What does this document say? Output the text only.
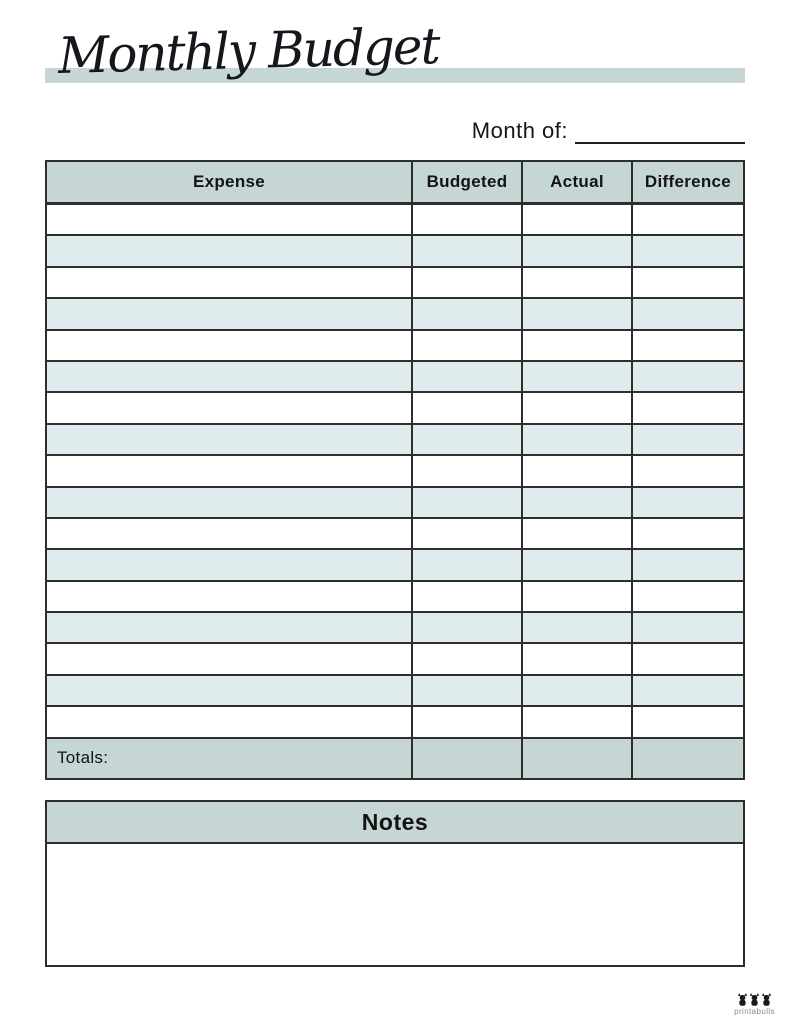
Monthly Budget
Month of:
Expense	Budgeted	Actual	Difference
Totals:
Notes
printabulls
